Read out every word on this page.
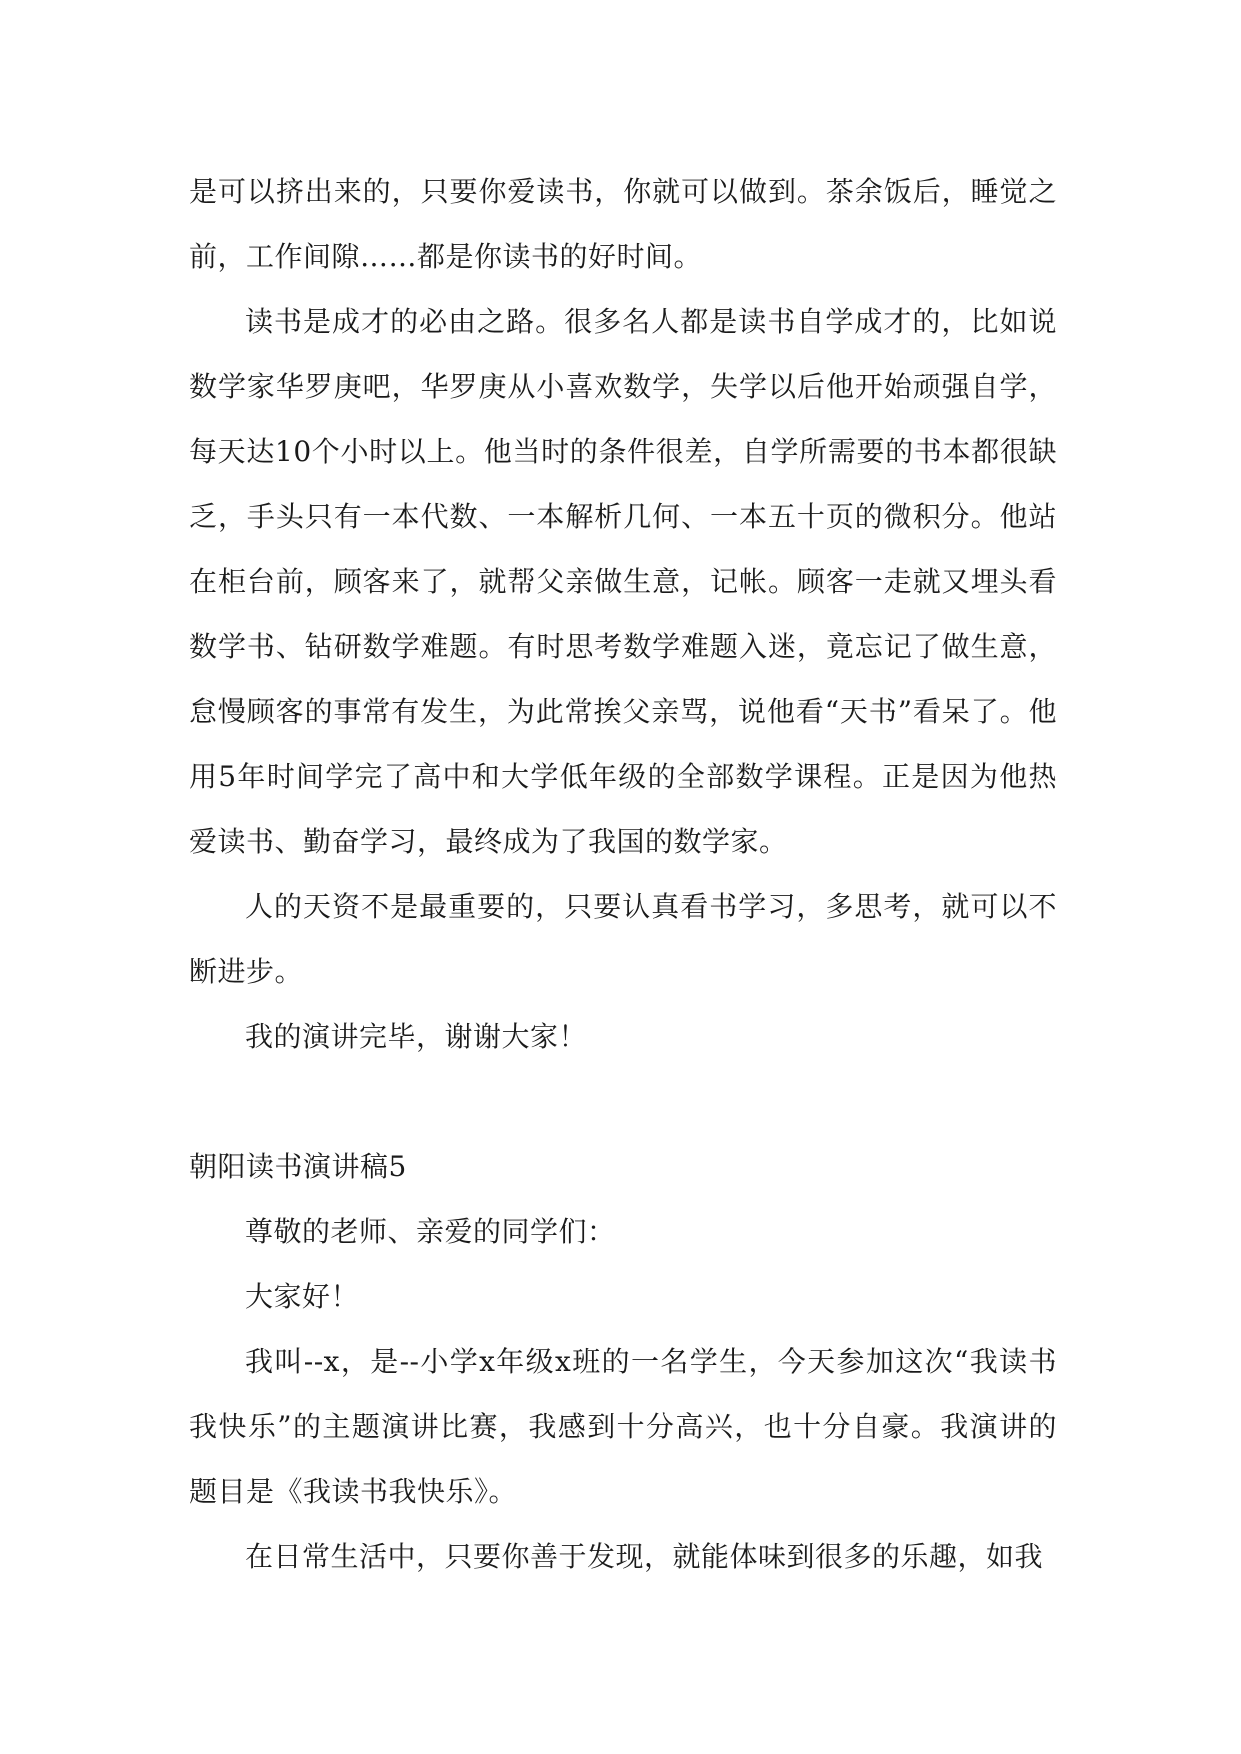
是可以挤出来的，只要你爱读书，你就可以做到。茶余饭后，睡觉之前，工作间隙……都是你读书的好时间。

读书是成才的必由之路。很多名人都是读书自学成才的，比如说数学家华罗庚吧，华罗庚从小喜欢数学，失学以后他开始顽强自学，每天达10个小时以上。他当时的条件很差，自学所需要的书本都很缺乏，手头只有一本代数、一本解析几何、一本五十页的微积分。他站在柜台前，顾客来了，就帮父亲做生意，记帐。顾客一走就又埋头看数学书、钻研数学难题。有时思考数学难题入迷，竟忘记了做生意，怠慢顾客的事常有发生，为此常挨父亲骂，说他看“天书”看呆了。他用5年时间学完了高中和大学低年级的全部数学课程。正是因为他热爱读书、勤奋学习，最终成为了我国的数学家。

人的天资不是最重要的，只要认真看书学习，多思考，就可以不断进步。

我的演讲完毕，谢谢大家！

朝阳读书演讲稿5

尊敬的老师、亲爱的同学们：

大家好！

我叫--x，是--小学x年级x班的一名学生，今天参加这次“我读书我快乐”的主题演讲比赛，我感到十分高兴，也十分自豪。我演讲的题目是《我读书我快乐》。

在日常生活中，只要你善于发现，就能体味到很多的乐趣，如我
